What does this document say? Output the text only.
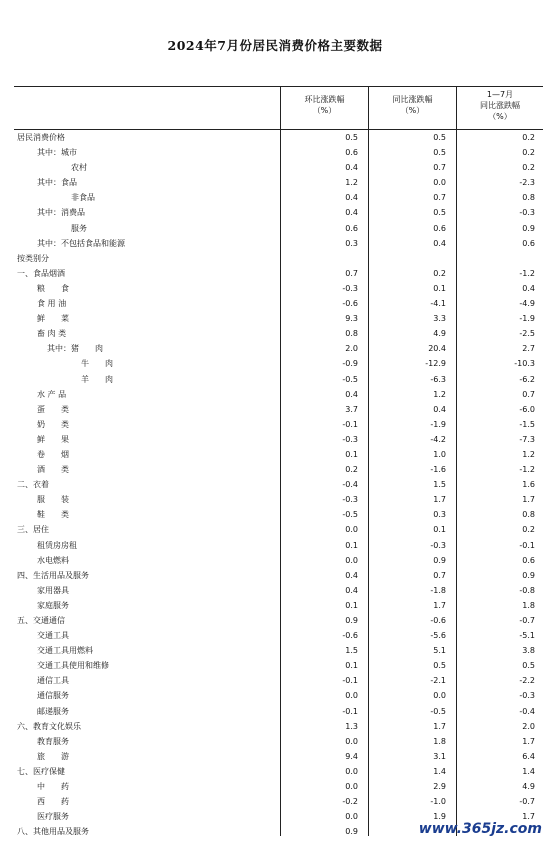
2024年7月份居民消费价格主要数据
环比涨跌幅
（%）
同比涨跌幅
（%）
1—7月
同比涨跌幅
（%）
居民消费价格	0.5	0.5	0.2
其中：城市	0.6	0.5	0.2
农村	0.4	0.7	0.2
其中：食品	1.2	0.0	-2.3
非食品	0.4	0.7	0.8
其中：消费品	0.4	0.5	-0.3
服务	0.6	0.6	0.9
其中：不包括食品和能源	0.3	0.4	0.6
按类别分
一、食品烟酒	0.7	0.2	-1.2
粮　　食	-0.3	0.1	0.4
食 用 油	-0.6	-4.1	-4.9
鲜　　菜	9.3	3.3	-1.9
畜 肉 类	0.8	4.9	-2.5
其中：猪　　肉	2.0	20.4	2.7
牛　　肉	-0.9	-12.9	-10.3
羊　　肉	-0.5	-6.3	-6.2
水 产 品	0.4	1.2	0.7
蛋　　类	3.7	0.4	-6.0
奶　　类	-0.1	-1.9	-1.5
鲜　　果	-0.3	-4.2	-7.3
卷　　烟	0.1	1.0	1.2
酒　　类	0.2	-1.6	-1.2
二、衣着	-0.4	1.5	1.6
服　　装	-0.3	1.7	1.7
鞋　　类	-0.5	0.3	0.8
三、居住	0.0	0.1	0.2
租赁房房租	0.1	-0.3	-0.1
水电燃料	0.0	0.9	0.6
四、生活用品及服务	0.4	0.7	0.9
家用器具	0.4	-1.8	-0.8
家庭服务	0.1	1.7	1.8
五、交通通信	0.9	-0.6	-0.7
交通工具	-0.6	-5.6	-5.1
交通工具用燃料	1.5	5.1	3.8
交通工具使用和维修	0.1	0.5	0.5
通信工具	-0.1	-2.1	-2.2
通信服务	0.0	0.0	-0.3
邮递服务	-0.1	-0.5	-0.4
六、教育文化娱乐	1.3	1.7	2.0
教育服务	0.0	1.8	1.7
旅　　游	9.4	3.1	6.4
七、医疗保健	0.0	1.4	1.4
中　　药	0.0	2.9	4.9
西　　药	-0.2	-1.0	-0.7
医疗服务	0.0	1.9	1.7
八、其他用品及服务	0.9	www.365jz.com
